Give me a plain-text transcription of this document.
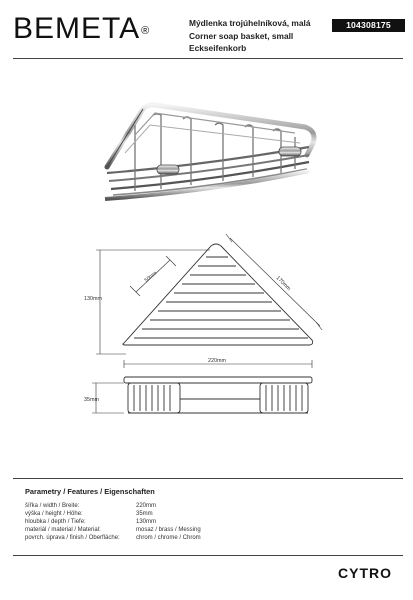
BEMETA®
Mýdlenka trojúhelníková, malá
Corner soap basket, small
Eckseifenkorb
104308175
130mm
170mm
50mm
220mm
35mm
Parametry / Features / Eigenschaften
šířka / width / Breite:	220mm
výška / height / Höhe:	35mm
hloubka / depth / Tiefe:	130mm
materiál / material / Material:	mosaz / brass / Messing
povrch. úprava / finish / Oberfläche:	chrom / chrome / Chrom
CYTRO
